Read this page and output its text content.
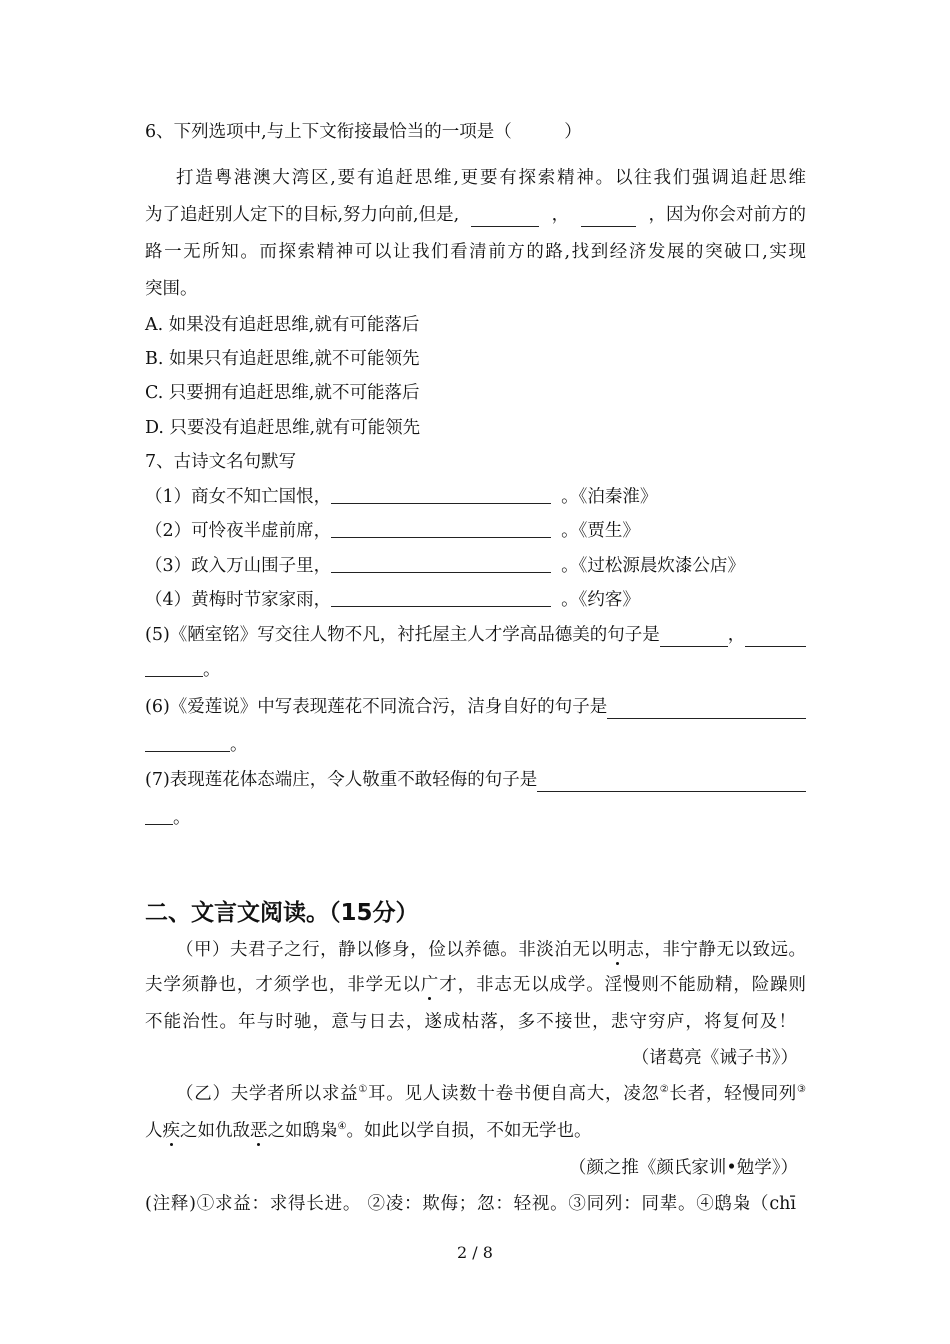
6、下列选项中,与上下文衔接最恰当的一项是（　　　）
打造粤港澳大湾区,要有追赶思维,更要有探索精神。以往我们强调追赶思维
为了追赶别人定下的目标,努力向前,但是,	，	，因为你会对前方的
路一无所知。而探索精神可以让我们看清前方的路,找到经济发展的突破口,实现
突围。
A. 如果没有追赶思维,就有可能落后
B. 如果只有追赶思维,就不可能领先
C. 只要拥有追赶思维,就不可能落后
D. 只要没有追赶思维,就有可能领先
7、古诗文名句默写
（1）商女不知亡国恨，	。《泊秦淮》
（2）可怜夜半虚前席，	。《贾生》
（3）政入万山围子里，	。《过松源晨炊漆公店》
（4）黄梅时节家家雨，	。《约客》
(5)《陋室铭》写交往人物不凡，衬托屋主人才学高品德美的句子是	，
。
(6)《爱莲说》中写表现莲花不同流合污，洁身自好的句子是
。
(7)表现莲花体态端庄，令人敬重不敢轻侮的句子是
。
二、文言文阅读。（15分）
（甲）夫君子之行，静以修身，俭以养德。非淡泊无以明志，非宁静无以致远。
夫学须静也，才须学也，非学无以广才，非志无以成学。淫慢则不能励精，险躁则
不能治性。年与时驰，意与日去，遂成枯落，多不接世，悲守穷庐，将复何及！
（诸葛亮《诫子书》）
（乙）夫学者所以求益①耳。见人读数十卷书便自高大，凌忽②长者，轻慢同列③
人疾之如仇敌恶之如鸱枭④。如此以学自损，不如无学也。
（颜之推《颜氏家训•勉学》）
(注释)①求益：求得长进。 ②凌：欺侮；忽：轻视。③同列：同辈。④鸱枭（chī
2 / 8
